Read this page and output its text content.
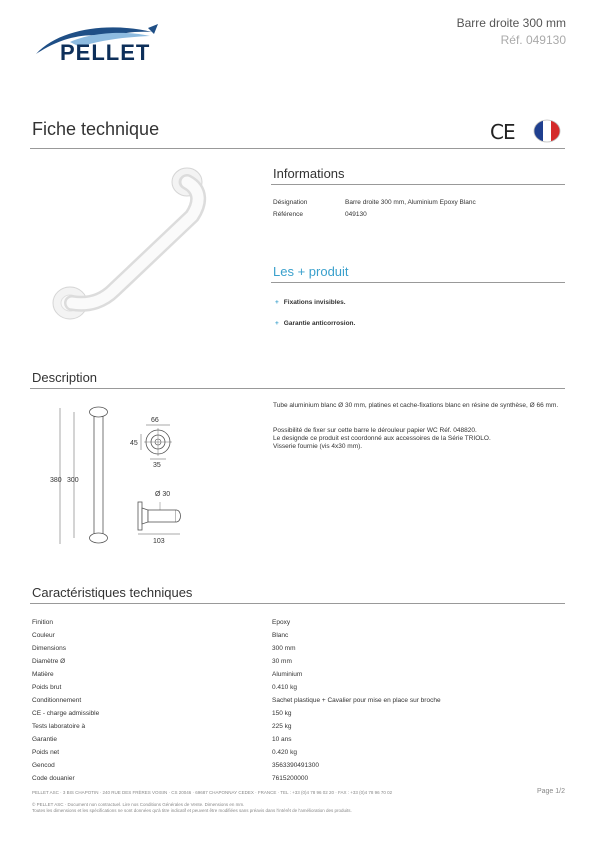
PELLET
Barre droite 300 mm
Réf. 049130
Fiche technique	CE
Informations
Désignation	Barre droite 300 mm, Aluminium Epoxy Blanc
Référence	049130
Les + produit
+ Fixations invisibles.
+ Garantie anticorrosion.
Description
380 300
66
45
35
Ø 30
103
Tube aluminium blanc Ø 30 mm, platines et cache-fixations blanc en résine de synthèse, Ø 66 mm.
Possibilité de fixer sur cette barre le dérouleur papier WC Réf. 048820.
Le designde ce produit est coordonné aux accessoires de la Série TRIOLO.
Visserie fournie (vis 4x30 mm).
Caractéristiques techniques
Finition	Epoxy
Couleur	Blanc
Dimensions	300 mm
Diamètre Ø	30 mm
Matière	Aluminium
Poids brut	0.410 kg
Conditionnement	Sachet plastique + Cavalier pour mise en place sur broche
CE - charge admissible	150 kg
Tests laboratoire à	225 kg
Garantie	10 ans
Poids net	0.420 kg
Gencod	3563390491300
Code douanier	7615200000
PELLET ASC · 3 BIS CHAPOTIN · 240 RUE DES FRÈRES VOISIN · CS 20046 · 69687 CHAPONNAY CEDEX · FRANCE · TEL : +33 (0)4 78 96 02 20 · FAX : +33 (0)4 78 96 70 02	Page 1/2
© PELLET ASC · Document non contractuel. Lire nos Conditions Générales de Vente. Dimensions en mm.
Toutes les dimensions et les spécifications ne sont données qu'à titre indicatif et peuvent être modifiées sans préavis dans l'intérêt de l'amélioration des produits.
